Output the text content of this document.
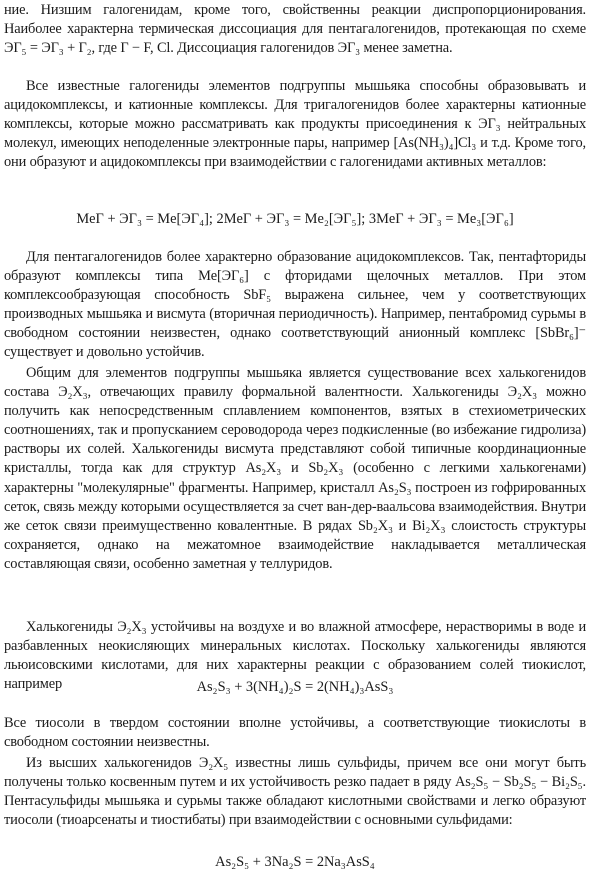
ние. Низшим галогенидам, кроме того, свойственны реакции диспропорционирования. Наиболее характерна термическая диссоциация для пентагалогенидов, протекающая по схеме ЭГ₅ = ЭГ₃ + Г₂, где Г − F, Cl. Диссоциация галогенидов ЭГ₃ менее заметна.

Все известные галогениды элементов подгруппы мышьяка способны образовывать и ацидокомплексы, и катионные комплексы. Для тригалогенидов более характерны катионные комплексы, которые можно рассматривать как продукты присоединения к ЭГ₃ нейтральных молекул, имеющих неподеленные электронные пары, например [As(NH₃)₄]Cl₃ и т.д. Кроме того, они образуют и ацидокомплексы при взаимодействии с галогенидами активных металлов:

MeГ + ЭГ₃ = Me[ЭГ₄]; 2MeГ + ЭГ₃ = Me₂[ЭГ₅]; 3MeГ + ЭГ₃ = Me₃[ЭГ₆]

Для пентагалогенидов более характерно образование ацидокомплексов. Так, пентафториды образуют комплексы типа Me[ЭГ₆] с фторидами щелочных металлов. При этом комплексообразующая способность SbF₅ выражена сильнее, чем у соответствующих производных мышьяка и висмута (вторичная периодичность). Например, пентабромид сурьмы в свободном состоянии неизвестен, однако соответствующий анионный комплекс [SbBr₆]⁻ существует и довольно устойчив.

Общим для элементов подгруппы мышьяка является существование всех халькогенидов состава Э₂Х₃, отвечающих правилу формальной валентности. Халькогениды Э₂Х₃ можно получить как непосредственным сплавлением компонентов, взятых в стехиометрических соотношениях, так и пропусканием сероводорода через подкисленные (во избежание гидролиза) растворы их солей. Халькогениды висмута представляют собой типичные координационные кристаллы, тогда как для структур As₂X₃ и Sb₂X₃ (особенно с легкими халькогенами) характерны "молекулярные" фрагменты. Например, кристалл As₂S₃ построен из гофрированных сеток, связь между которыми осуществляется за счет ван-дер-ваальсова взаимодействия. Внутри же сеток связи преимущественно ковалентные. В рядах Sb₂X₃ и Bi₂X₃ слоистость структуры сохраняется, однако на межатомное взаимодействие накладывается металлическая составляющая связи, особенно заметная у теллуридов.

Халькогениды Э₂Х₃ устойчивы на воздухе и во влажной атмосфере, нерастворимы в воде и разбавленных неокисляющих минеральных кислотах. Поскольку халькогениды являются льюисовскими кислотами, для них характерны реакции с образованием солей тиокислот, например	As₂S₃ + 3(NH₄)₂S = 2(NH₄)₃AsS₃

Все тиосоли в твердом состоянии вполне устойчивы, а соответствующие тиокислоты в свободном состоянии неизвестны.

Из высших халькогенидов Э₂Х₅ известны лишь сульфиды, причем все они могут быть получены только косвенным путем и их устойчивость резко падает в ряду As₂S₅ − Sb₂S₅ − Bi₂S₅. Пентасульфиды мышьяка и сурьмы также обладают кислотными свойствами и легко образуют тиосоли (тиоарсенаты и тиостибаты) при взаимодействии с основными сульфидами:

As₂S₅ + 3Na₂S = 2Na₃AsS₄
